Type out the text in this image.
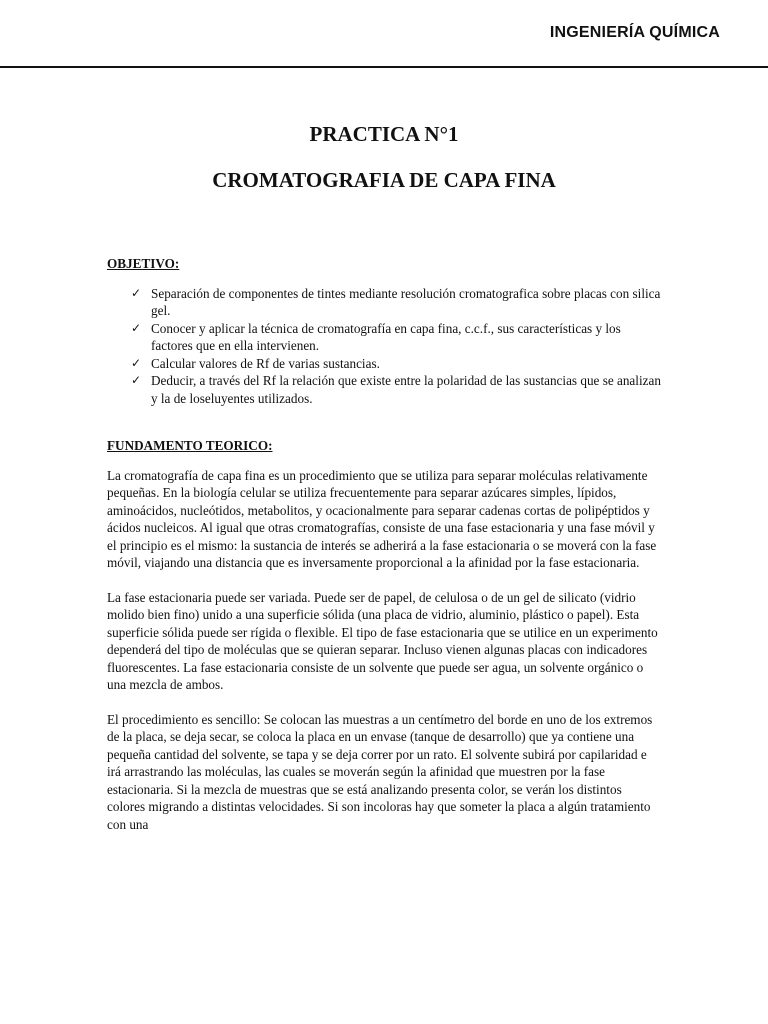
INGENIERÍA QUÍMICA
PRACTICA N°1
CROMATOGRAFIA DE CAPA FINA
OBJETIVO:
✓ Separación de componentes de tintes mediante resolución cromatografica sobre placas con silica gel.
✓ Conocer y aplicar la técnica de cromatografía en capa fina, c.c.f., sus características y los factores que en ella intervienen.
✓ Calcular valores de Rf de varias sustancias.
✓ Deducir, a través del Rf la relación que existe entre la polaridad de las sustancias que se analizan y la de loseluyentes utilizados.
FUNDAMENTO TEORICO:

La cromatografía de capa fina es un procedimiento que se utiliza para separar moléculas relativamente pequeñas. En la biología celular se utiliza frecuentemente para separar azúcares simples, lípidos, aminoácidos, nucleótidos, metabolitos, y ocacionalmente para separar cadenas cortas de polipéptidos y ácidos nucleicos. Al igual que otras cromatografías, consiste de una fase estacionaria y una fase móvil y el principio es el mismo: la sustancia de interés se adherirá a la fase estacionaria o se moverá con la fase móvil, viajando una distancia que es inversamente proporcional a la afinidad por la fase estacionaria.

La fase estacionaria puede ser variada. Puede ser de papel, de celulosa o de un gel de silicato (vidrio molido bien fino) unido a una superficie sólida (una placa de vidrio, aluminio, plástico o papel). Esta superficie sólida puede ser rígida o flexible. El tipo de fase estacionaria que se utilice en un experimento dependerá del tipo de moléculas que se quieran separar. Incluso vienen algunas placas con indicadores fluorescentes. La fase estacionaria consiste de un solvente que puede ser agua, un solvente orgánico o una mezcla de ambos.

El procedimiento es sencillo: Se colocan las muestras a un centímetro del borde en uno de los extremos de la placa, se deja secar, se coloca la placa en un envase (tanque de desarrollo) que ya contiene una pequeña cantidad del solvente, se tapa y se deja correr por un rato. El solvente subirá por capilaridad e irá arrastrando las moléculas, las cuales se moverán según la afinidad que muestren por la fase estacionaria. Si la mezcla de muestras que se está analizando presenta color, se verán los distintos colores migrando a distintas velocidades. Si son incoloras hay que someter la placa a algún tratamiento con una
